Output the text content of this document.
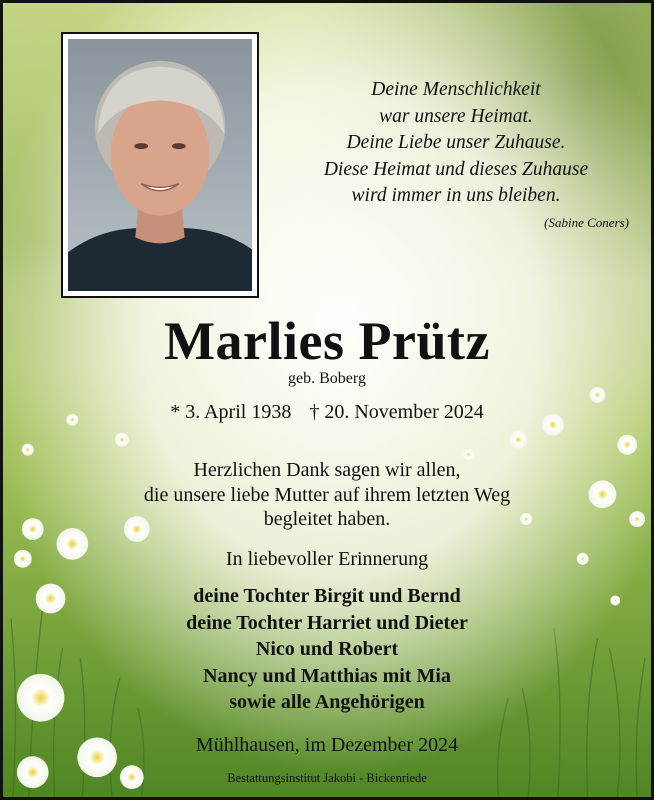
Deine Menschlichkeit
war unsere Heimat.
Deine Liebe unser Zuhause.
Diese Heimat und dieses Zuhause
wird immer in uns bleiben.
(Sabine Coners)
Marlies Prütz
geb. Boberg
* 3. April 1938 † 20. November 2024
Herzlichen Dank sagen wir allen,
die unsere liebe Mutter auf ihrem letzten Weg
begleitet haben.
In liebevoller Erinnerung
deine Tochter Birgit und Bernd
deine Tochter Harriet und Dieter
Nico und Robert
Nancy und Matthias mit Mia
sowie alle Angehörigen
Mühlhausen, im Dezember 2024
Bestattungsinstitut Jakobi - Bickenriede
